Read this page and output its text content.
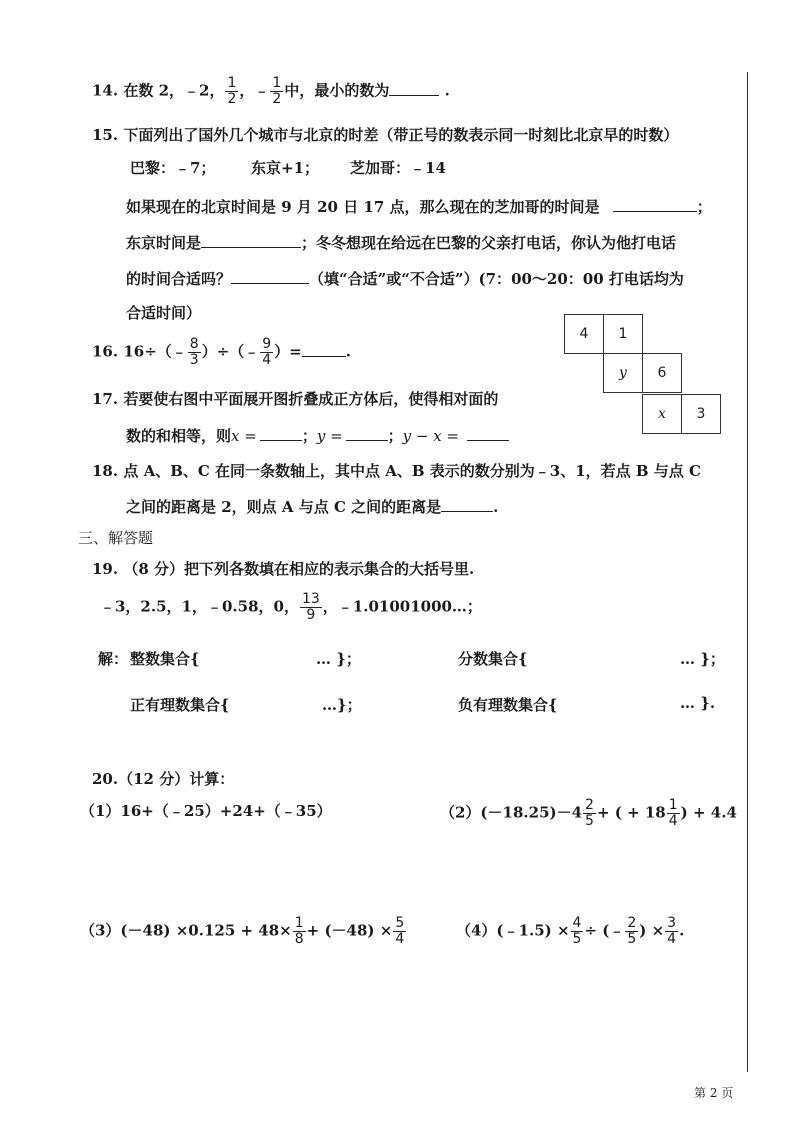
14. 在数 2，﹣2， $\frac{1}{2}$ ，﹣ $\frac{1}{2}$ 中，最小的数为	.
15. 下面列出了国外几个城市与北京的时差（带正号的数表示同一时刻比北京早的时数）
巴黎：﹣7； 东京+1； 芝加哥：﹣14
如果现在的北京时间是 9 月 20 日 17 点，那么现在的芝加哥的时间是	；
东京时间是	；冬冬想现在给远在巴黎的父亲打电话，你认为他打电话
的时间合适吗？	（填“合适”或“不合适”）(7：00～20：00 打电话均为
合适时间）
4	1
y	6
x	3
16. 16÷（﹣ $\frac{8}{3}$ ）÷（﹣ $\frac{9}{4}$ ）=	.
17. 若要使右图中平面展开图折叠成正方体后，使得相对面的
数的和相等，则x =	；y =	；y − x =
18. 点 A、B、C 在同一条数轴上，其中点 A、B 表示的数分别为﹣3、1，若点 B 与点 C
之间的距离是 2，则点 A 与点 C 之间的距离是	.
三、解答题
19. （8 分）把下列各数填在相应的表示集合的大括号里.
﹣3，2.5，1，﹣0.58，0， $\frac{13}{9}$ ，﹣1.01001000…；
解： 整数集合{	… }；	分数集合{	… }；
正有理数集合{	…}；	负有理数集合{	… }.
20.（12 分）计算：
（1）16+（﹣25）+24+（﹣35）	$(2)(-18.25)-4 \frac{2}{5}$ + ( + $18 \frac{1}{4}$ ) + 4.4
$(3)(-48) \times 0.125 + 48\times \frac{1}{8} + (-48) \times \frac{5}{4}$	（4）(﹣1.5) × $\frac{4}{5}$ ÷ (﹣ $\frac{2}{5}$ ) × $\frac{3}{4}$ .
第 2 页
